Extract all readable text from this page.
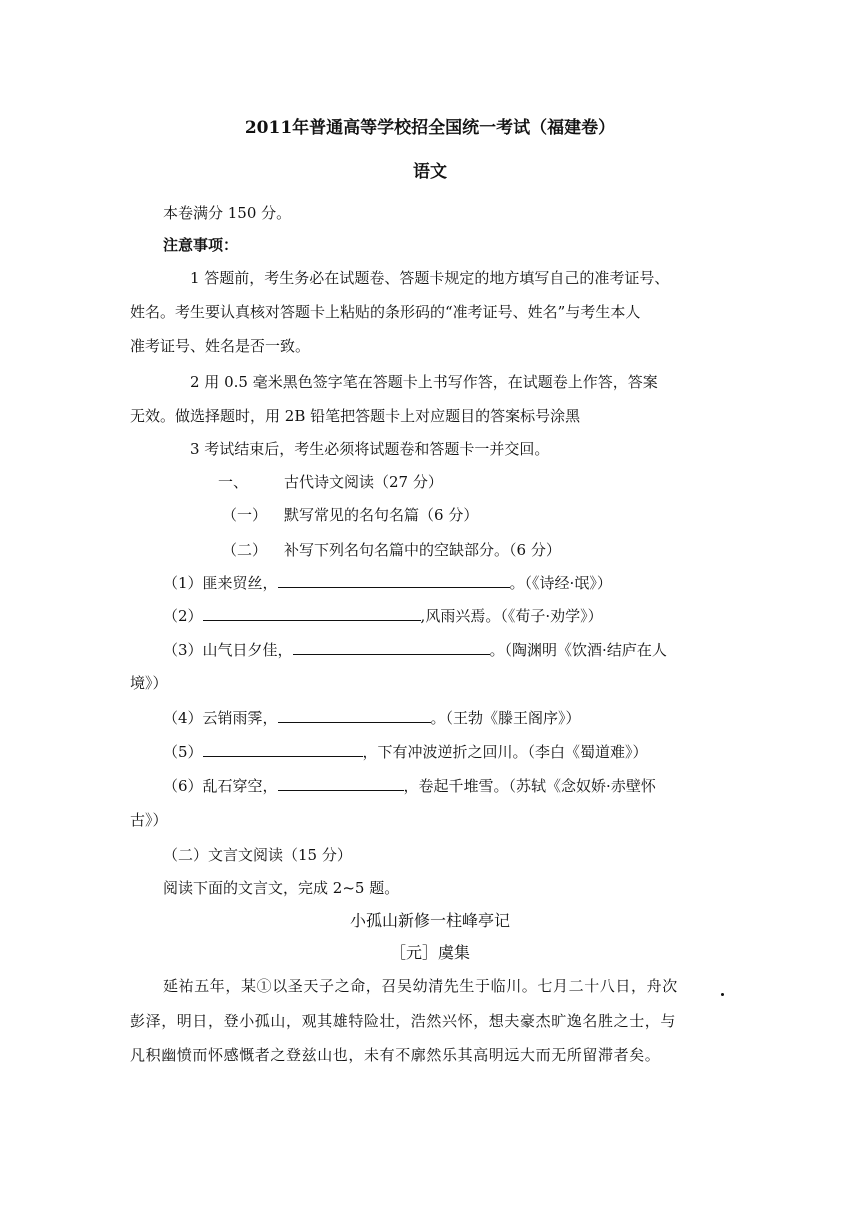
2011年普通高等学校招全国统一考试（福建卷）
语文
本卷满分 150 分。
注意事项：
1 答题前，考生务必在试题卷、答题卡规定的地方填写自己的准考证号、
姓名。考生要认真核对答题卡上粘贴的条形码的“准考证号、姓名”与考生本人
准考证号、姓名是否一致。
2 用 0.5 毫米黑色签字笔在答题卡上书写作答，在试题卷上作答，答案
无效。做选择题时，用 2B 铅笔把答题卡上对应题目的答案标号涂黑
3 考试结束后，考生必须将试题卷和答题卡一并交回。
一、 古代诗文阅读（27 分）
（一） 默写常见的名句名篇（6 分）
（二） 补写下列名句名篇中的空缺部分。（6 分）
（1）匪来贸丝，	。（《诗经·氓》）
（2）	,风雨兴焉。（《荀子·劝学》）
（3）山气日夕佳，	。（陶渊明《饮酒·结庐在人
境》）
（4）云销雨霁，	。（王勃《滕王阁序》）
（5）	，下有冲波逆折之回川。（李白《蜀道难》）
（6）乱石穿空，	，卷起千堆雪。（苏轼《念奴娇·赤壁怀
古》）
（二）文言文阅读（15 分）
阅读下面的文言文，完成 2~5 题。
小孤山新修一柱峰亭记
［元］虞集
延祐五年，某①以圣天子之命，召吴幼清先生于临川。七月二十八日，舟次
彭泽，明日，登小孤山，观其雄特险壮，浩然兴怀，想夫豪杰旷逸名胜之士，与
凡积幽愤而怀感慨者之登兹山也，未有不廓然乐其高明远大而无所留滞者矣。
